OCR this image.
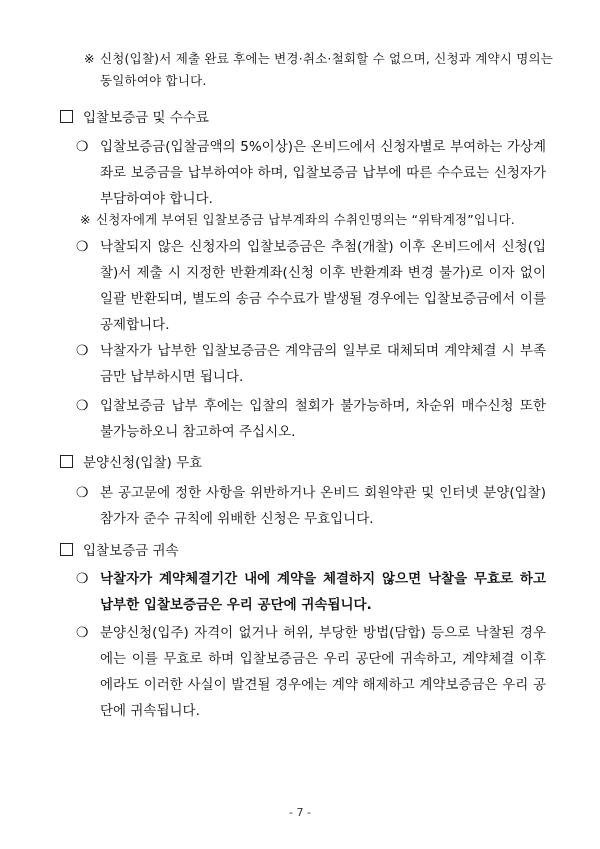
※ 신청(입찰)서 제출 완료 후에는 변경·취소·철회할 수 없으며, 신청과 계약시 명의는 동일하여야 합니다.
입찰보증금 및 수수료
❍ 입찰보증금(입찰금액의 5%이상)은 온비드에서 신청자별로 부여하는 가상계좌로 보증금을 납부하여야 하며, 입찰보증금 납부에 따른 수수료는 신청자가 부담하여야 합니다.
※ 신청자에게 부여된 입찰보증금 납부계좌의 수취인명의는 “위탁계정”입니다.
❍ 낙찰되지 않은 신청자의 입찰보증금은 추첨(개찰) 이후 온비드에서 신청(입찰)서 제출 시 지정한 반환계좌(신청 이후 반환계좌 변경 불가)로 이자 없이 일괄 반환되며, 별도의 송금 수수료가 발생될 경우에는 입찰보증금에서 이를 공제합니다.
❍ 낙찰자가 납부한 입찰보증금은 계약금의 일부로 대체되며 계약체결 시 부족금만 납부하시면 됩니다.
❍ 입찰보증금 납부 후에는 입찰의 철회가 불가능하며, 차순위 매수신청 또한 불가능하오니 참고하여 주십시오.
분양신청(입찰) 무효
❍ 본 공고문에 정한 사항을 위반하거나 온비드 회원약관 및 인터넷 분양(입찰) 참가자 준수 규칙에 위배한 신청은 무효입니다.
입찰보증금 귀속
❍ 낙찰자가 계약체결기간 내에 계약을 체결하지 않으면 낙찰을 무효로 하고 납부한 입찰보증금은 우리 공단에 귀속됩니다.
❍ 분양신청(입주) 자격이 없거나 허위, 부당한 방법(담합) 등으로 낙찰된 경우에는 이를 무효로 하며 입찰보증금은 우리 공단에 귀속하고, 계약체결 이후에라도 이러한 사실이 발견될 경우에는 계약 해제하고 계약보증금은 우리 공단에 귀속됩니다.
- 7 -
